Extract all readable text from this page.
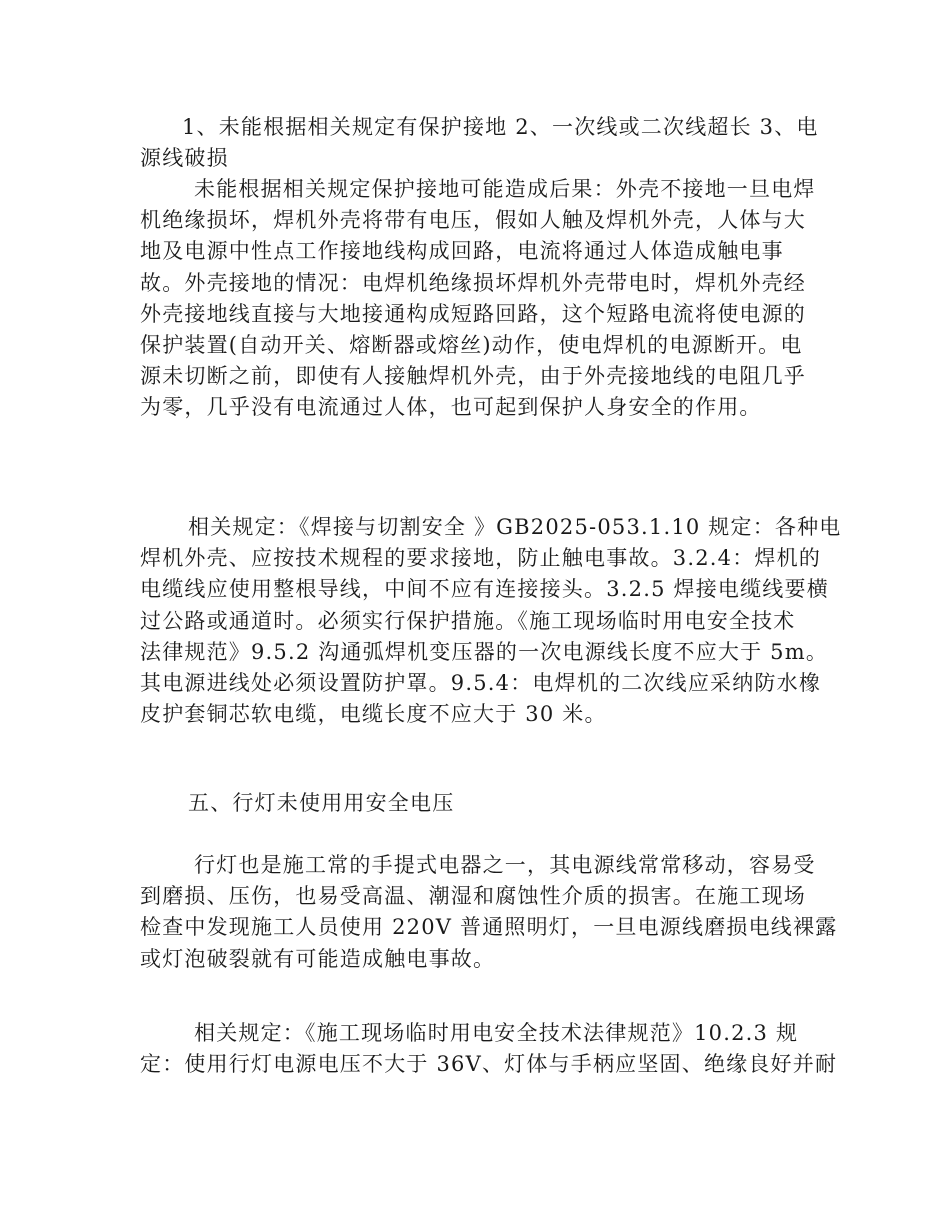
1、未能根据相关规定有保护接地 2、一次线或二次线超长 3、电
源线破损
未能根据相关规定保护接地可能造成后果：外壳不接地一旦电焊
机绝缘损坏，焊机外壳将带有电压，假如人触及焊机外壳，人体与大
地及电源中性点工作接地线构成回路，电流将通过人体造成触电事
故。外壳接地的情况：电焊机绝缘损坏焊机外壳带电时，焊机外壳经
外壳接地线直接与大地接通构成短路回路，这个短路电流将使电源的
保护装置(自动开关、熔断器或熔丝)动作，使电焊机的电源断开。电
源未切断之前，即使有人接触焊机外壳，由于外壳接地线的电阻几乎
为零，几乎没有电流通过人体，也可起到保护人身安全的作用。
相关规定：《焊接与切割安全 》GB2025-053.1.10 规定：各种电
焊机外壳、应按技术规程的要求接地，防止触电事故。3.2.4：焊机的
电缆线应使用整根导线，中间不应有连接接头。3.2.5 焊接电缆线要横
过公路或通道时。必须实行保护措施。《施工现场临时用电安全技术
法律规范》9.5.2 沟通弧焊机变压器的一次电源线长度不应大于 5m。
其电源进线处必须设置防护罩。9.5.4：电焊机的二次线应采纳防水橡
皮护套铜芯软电缆，电缆长度不应大于 30 米。
五、行灯未使用用安全电压
行灯也是施工常的手提式电器之一，其电源线常常移动，容易受
到磨损、压伤，也易受高温、潮湿和腐蚀性介质的损害。在施工现场
检查中发现施工人员使用 220V 普通照明灯，一旦电源线磨损电线裸露
或灯泡破裂就有可能造成触电事故。
相关规定：《施工现场临时用电安全技术法律规范》10.2.3 规
定：使用行灯电源电压不大于 36V、灯体与手柄应坚固、绝缘良好并耐
